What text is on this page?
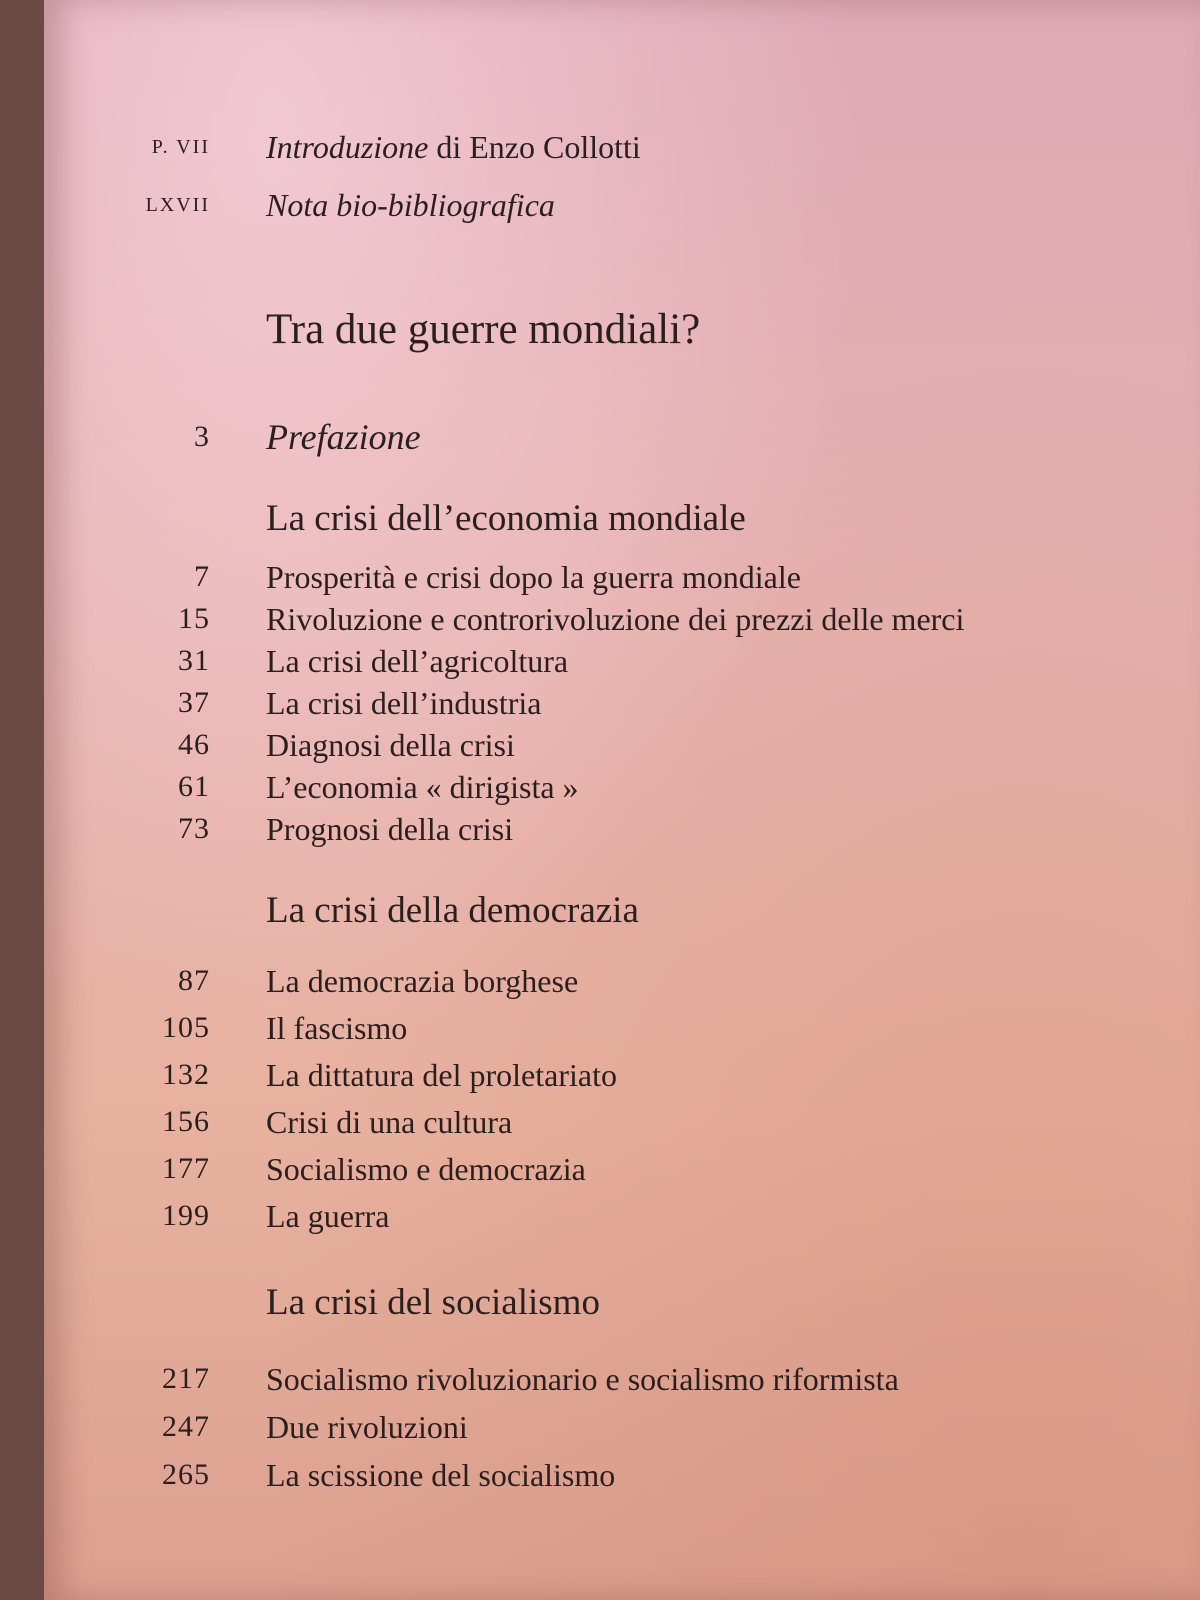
P. VII Introduzione di Enzo Collotti
LXVII Nota bio-bibliografica
Tra due guerre mondiali?
3 Prefazione
La crisi dell’economia mondiale
7 Prosperità e crisi dopo la guerra mondiale
15 Rivoluzione e controrivoluzione dei prezzi delle merci
31 La crisi dell’agricoltura
37 La crisi dell’industria
46 Diagnosi della crisi
61 L’economia « dirigista »
73 Prognosi della crisi
La crisi della democrazia
87 La democrazia borghese
105 Il fascismo
132 La dittatura del proletariato
156 Crisi di una cultura
177 Socialismo e democrazia
199 La guerra
La crisi del socialismo
217 Socialismo rivoluzionario e socialismo riformista
247 Due rivoluzioni
265 La scissione del socialismo
